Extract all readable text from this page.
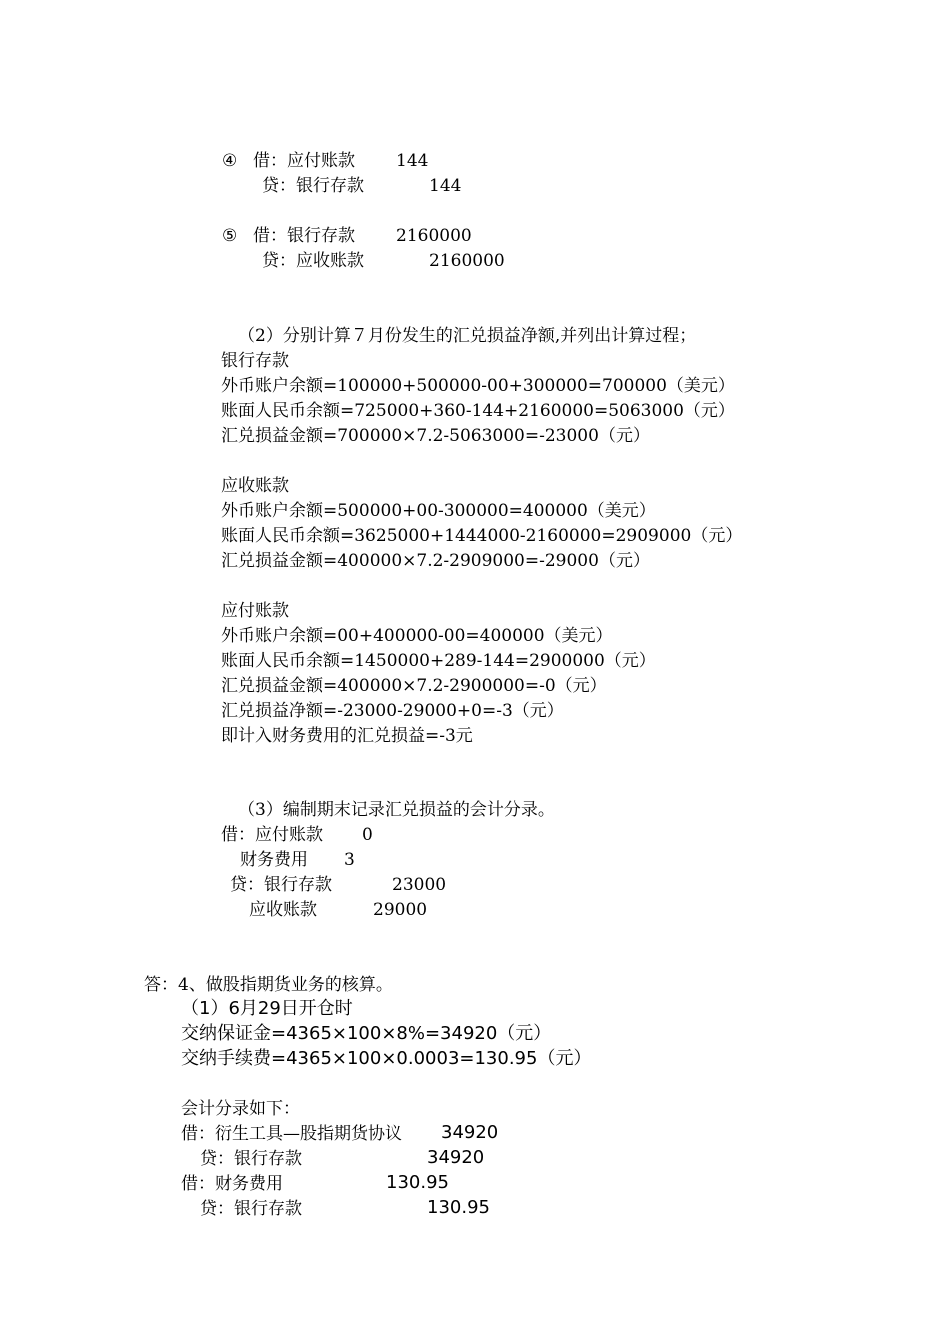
④ 借：应付账款 144
贷：银行存款	144
⑤ 借：银行存款 2160000
贷：应收账款	2160000
（2）分别计算７月份发生的汇兑损益净额,并列出计算过程；
银行存款
外币账户余额=100000+500000-00+300000=700000（美元）
账面人民币余额=725000+360-144+2160000=5063000（元）
汇兑损益金额=700000×7.2-5063000=-23000（元）
应收账款
外币账户余额=500000+00-300000=400000（美元）
账面人民币余额=3625000+1444000-2160000=2909000（元）
汇兑损益金额=400000×7.2-2909000=-29000（元）
应付账款
外币账户余额=00+400000-00=400000（美元）
账面人民币余额=1450000+289-144=2900000（元）
汇兑损益金额=400000×7.2-2900000=-0（元）
汇兑损益净额=-23000-29000+0=-3（元）
即计入财务费用的汇兑损益=-3元
（3）编制期末记录汇兑损益的会计分录。
借：应付账款 0
财务费用 3
贷：银行存款	23000
应收账款	29000
答：4、做股指期货业务的核算。
（1）6月29日开仓时
交纳保证金=4365×100×8%=34920（元）
交纳手续费=4365×100×0.0003=130.95（元）
会计分录如下：
借：衍生工具—股指期货协议 34920
贷：银行存款	34920
借：财务费用	130.95
贷：银行存款	130.95
